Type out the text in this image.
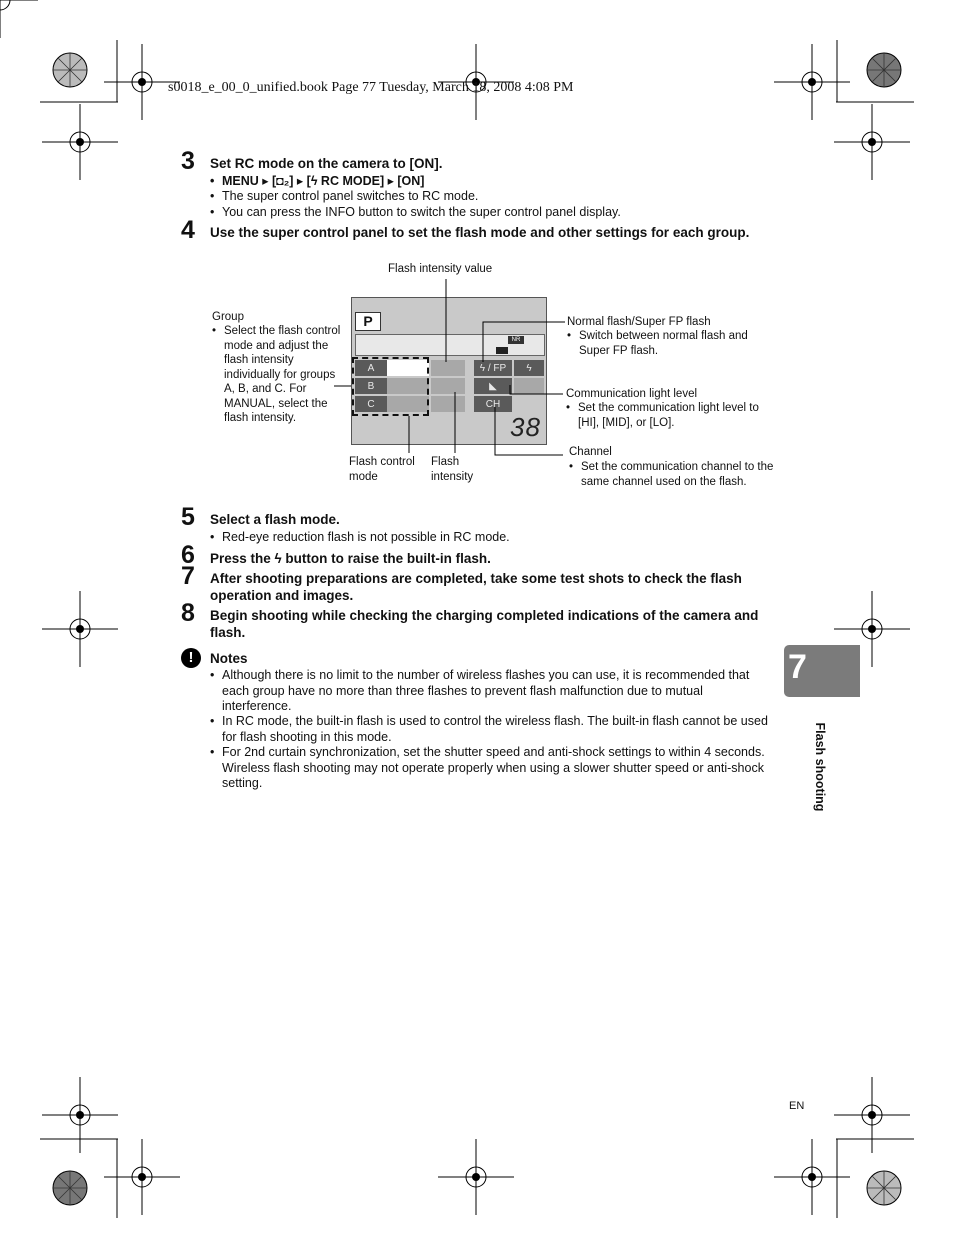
s0018_e_00_0_unified.book Page 77 Tuesday, March 18, 2008 4:08 PM
3	Set RC mode on the camera to [ON].
• MENU ▸ [◘₂] ▸ [ϟ RC MODE] ▸ [ON]
• The super control panel switches to RC mode.
• You can press the INFO button to switch the super control panel display.
4	Use the super control panel to set the flash mode and other settings for each group.
Flash intensity value
Group
• Select the flash control mode and adjust the flash intensity individually for groups A, B, and C. For MANUAL, select the flash intensity.
Normal flash/Super FP flash
• Switch between normal flash and Super FP flash.
Communication light level
• Set the communication light level to [HI], [MID], or [LO].
Channel
• Set the communication channel to the same channel used on the flash.
Flash control mode
Flash intensity
P
NR
A	ϟ / FP	ϟ
B	◣
C	CH
38
5	Select a flash mode.
• Red-eye reduction flash is not possible in RC mode.
6	Press the ϟ button to raise the built-in flash.
7	After shooting preparations are completed, take some test shots to check the flash operation and images.
8	Begin shooting while checking the charging completed indications of the camera and flash.
!	Notes
• Although there is no limit to the number of wireless flashes you can use, it is recommended that each group have no more than three flashes to prevent flash malfunction due to mutual interference.
• In RC mode, the built-in flash is used to control the wireless flash. The built-in flash cannot be used for flash shooting in this mode.
• For 2nd curtain synchronization, set the shutter speed and anti-shock settings to within 4 seconds. Wireless flash shooting may not operate properly when using a slower shutter speed or anti-shock setting.
7
Flash shooting
EN
